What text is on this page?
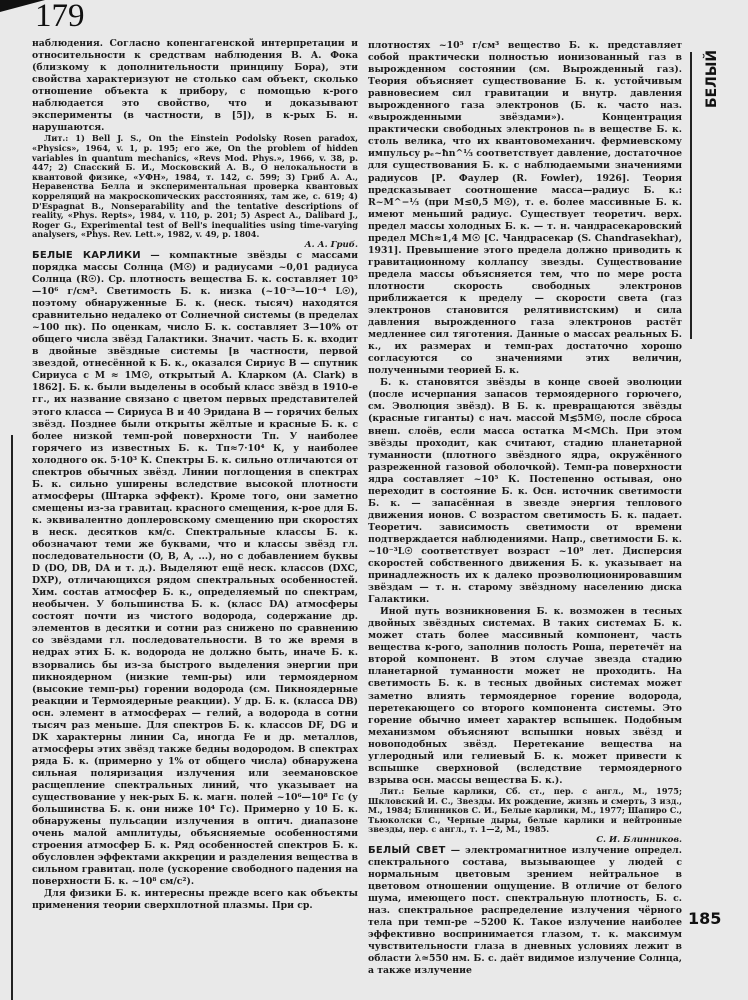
179

наблюдения. Согласно копенгагенской интерпретации и относительности к средствам наблюдения В. А. Фока (близкому к дополнительности принципу Бора), эти свойства характеризуют не столько сам объект, сколько отношение объекта к прибору, с помощью к-рого наблюдается это свойство, что и доказывают эксперименты (в частности, в [5]), в к-рых Б. н. нарушаются.

Лит.: 1) Bell J. S., On the Einstein Podolsky Rosen paradox, «Physics», 1964, v. 1, p. 195; его же, On the problem of hidden variables in quantum mechanics, «Revs Mod. Phys.», 1966, v. 38, p. 447; 2) Спасский Б. И., Московский А. В., О нелокальности в квантовой физике, «УФН», 1984, т. 142, с. 599; 3) Гриб А. А., Неравенства Белла и экспериментальная проверка квантовых корреляций на макроскопических расстояниях, там же, с. 619; 4) D'Espagnat B., Nonseparability and the tentative descriptions of reality, «Phys. Repts», 1984, v. 110, p. 201; 5) Aspect A., Dalibard J., Roger G., Experimental test of Bell's inequalities using time-varying analysers, «Phys. Rev. Lett.», 1982, v. 49, p. 1804.

А. А. Гриб.

БЕЛЫЕ КАРЛИКИ — компактные звёзды с массами порядка массы Солнца (M☉) и радиусами ~0,01 радиуса Солнца (R☉). Ср. плотность вещества Б. к. составляет 10⁵—10⁶ г/см³. Светимость Б. к. низка (~10⁻³—10⁻⁴ L☉), поэтому обнаруженные Б. к. (неск. тысяч) находятся сравнительно недалеко от Солнечной системы (в пределах ~100 пк). По оценкам, число Б. к. составляет 3—10% от общего числа звёзд Галактики. Значит. часть Б. к. входит в двойные звёздные системы [в частности, первой звездой, отнесённой к Б. к., оказался Сириус B — спутник Сириуса с M ≈ 1M☉, открытый А. Кларком (A. Clark) в 1862]. Б. к. были выделены в особый класс звёзд в 1910-е гг., их название связано с цветом первых представителей этого класса — Сириуса B и 40 Эридана B — горячих белых звёзд. Позднее были открыты жёлтые и красные Б. к. с более низкой темп-рой поверхности Tп. У наиболее горячего из известных Б. к. Tп≈7·10⁴ К, у наиболее холодного ок. 5·10³ К. Спектры Б. к. сильно отличаются от спектров обычных звёзд. Линии поглощения в спектрах Б. к. сильно уширены вследствие высокой плотности атмосферы (Штарка эффект). Кроме того, они заметно смещены из-за гравитац. красного смещения, к-рое для Б. к. эквивалентно доплеровскому смещению при скоростях в неск. десятков км/с. Спектральные классы Б. к. обозначают теми же буквами, что и классы звёзд гл. последовательности (O, B, A, ...), но с добавлением буквы D (DO, DB, DA и т. д.). Выделяют ещё неск. классов (DXC, DXP), отличающихся рядом спектральных особенностей. Хим. состав атмосфер Б. к., определяемый по спектрам, необычен. У большинства Б. к. (класс DA) атмосферы состоят почти из чистого водорода, содержание др. элементов в десятки и сотни раз снижено по сравнению со звёздами гл. последовательности. В то же время в недрах этих Б. к. водорода не должно быть, иначе Б. к. взорвались бы из-за быстрого выделения энергии при пикноядерном (низкие темп-ры) или термоядерном (высокие темп-ры) горении водорода (см. Пикноядерные реакции и Термоядерные реакции). У др. Б. к. (класса DB) осн. элемент в атмосферах — гелий, а водорода в сотни тысяч раз меньше. Для спектров Б. к. классов DF, DG и DK характерны линии Ca, иногда Fe и др. металлов, атмосферы этих звёзд также бедны водородом. В спектрах ряда Б. к. (примерно у 1% от общего числа) обнаружена сильная поляризация излучения или зеемановское расщепление спектральных линий, что указывает на существование у нек-рых Б. к. магн. полей ~10⁶—10⁸ Гс (у большинства Б. к. они ниже 10⁴ Гс). Примерно у 10 Б. к. обнаружены пульсации излучения в оптич. диапазоне очень малой амплитуды, объясняемые особенностями строения атмосфер Б. к. Ряд особенностей спектров Б. к. обусловлен эффектами аккреции и разделения вещества в сильном гравитац. поле (ускорение свободного падения на поверхности Б. к. ~10⁸ см/с²).

Для физики Б. к. интересны прежде всего как объекты применения теории сверхплотной плазмы. При ср.

плотностях ~10⁵ г/см³ вещество Б. к. представляет собой практически полностью ионизованный газ в вырожденном состоянии (см. Вырожденный газ). Теория объясняет существование Б. к. устойчивым равновесием сил гравитации и внутр. давления вырожденного газа электронов (Б. к. часто наз. «вырожденными звёздами»). Концентрация практически свободных электронов nₑ в веществе Б. к. столь велика, что их квантовомеханич. фермиевскому импульсу pₑ~ħn^⅓ соответствует давление, достаточное для существования Б. к. с наблюдаемыми значениями радиусов [Р. Фаулер (R. Fowler), 1926]. Теория предсказывает соотношение масса—радиус Б. к.: R~M^−⅓ (при M≤0,5 M☉), т. е. более массивные Б. к. имеют меньший радиус. Существует теоретич. верх. предел массы холодных Б. к. — т. н. чандрасекаровский предел MCh≈1,4 M☉ [С. Чандрасекар (S. Chandrasekhar), 1931]. Превышение этого предела должно приводить к гравитационному коллапсу звезды. Существование предела массы объясняется тем, что по мере роста плотности скорость свободных электронов приближается к пределу — скорости света (газ электронов становится релятивистским) и сила давления вырожденного газа электронов растёт медленнее сил тяготения. Данные о массах реальных Б. к., их размерах и темп-рах достаточно хорошо согласуются со значениями этих величин, полученными теорией Б. к.

Б. к. становятся звёзды в конце своей эволюции (после исчерпания запасов термоядерного горючего, см. Эволюция звёзд). В Б. к. превращаются звёзды (красные гиганты) с нач. массой M≲5M☉, после сброса внеш. слоёв, если масса остатка M<MCh. При этом звёзды проходит, как считают, стадию планетарной туманности (плотного звёздного ядра, окружённого разреженной газовой оболочкой). Темп-ра поверхности ядра составляет ~10⁵ К. Постепенно остывая, оно переходит в состояние Б. к. Осн. источник светимости Б. к. — запасённая в звезде энергия теплового движения ионов. С возрастом светимость Б. к. падает. Теоретич. зависимость светимости от времени подтверждается наблюдениями. Напр., светимости Б. к. ~10⁻³L☉ соответствует возраст ~10⁹ лет. Дисперсия скоростей собственного движения Б. к. указывает на принадлежность их к далеко проэволюционировавшим звёздам — т. н. старому звёздному населению диска Галактики.

Иной путь возникновения Б. к. возможен в тесных двойных звёздных системах. В таких системах Б. к. может стать более массивный компонент, часть вещества к-рого, заполнив полость Роша, перетечёт на второй компонент. В этом случае звезда стадию планетарной туманности может не проходить. На светимость Б. к. в тесных двойных системах может заметно влиять термоядерное горение водорода, перетекающего со второго компонента системы. Это горение обычно имеет характер вспышек. Подобным механизмом объясняют вспышки новых звёзд и новоподобных звёзд. Перетекание вещества на углеродный или гелиевый Б. к. может привести к вспышке сверхновой (вследствие термоядерного взрыва осн. массы вещества Б. к.).

Лит.: Белые карлики, Сб. ст., пер. с англ., М., 1975; Шкловский И. С., Звезды. Их рождение, жизнь и смерть, 3 изд., М., 1984; Блинников С. И., Белые карлики, М., 1977; Шапиро С., Тьюколски С., Черные дыры, белые карлики и нейтронные звезды, пер. с англ., т. 1—2, М., 1985.

С. И. Блинников.

БЕЛЫЙ СВЕТ — электромагнитное излучение определ. спектрального состава, вызывающее у людей с нормальным цветовым зрением нейтральное в цветовом отношении ощущение. В отличие от белого шума, имеющего пост. спектральную плотность, Б. с. наз. спектральное распределение излучения чёрного тела при темп-ре ~5200 К. Такое излучение наиболее эффективно воспринимается глазом, т. к. максимум чувствительности глаза в дневных условиях лежит в области λ≃550 нм. Б. с. даёт видимое излучение Солнца, а также излучение

БЕЛЫЙ
185
